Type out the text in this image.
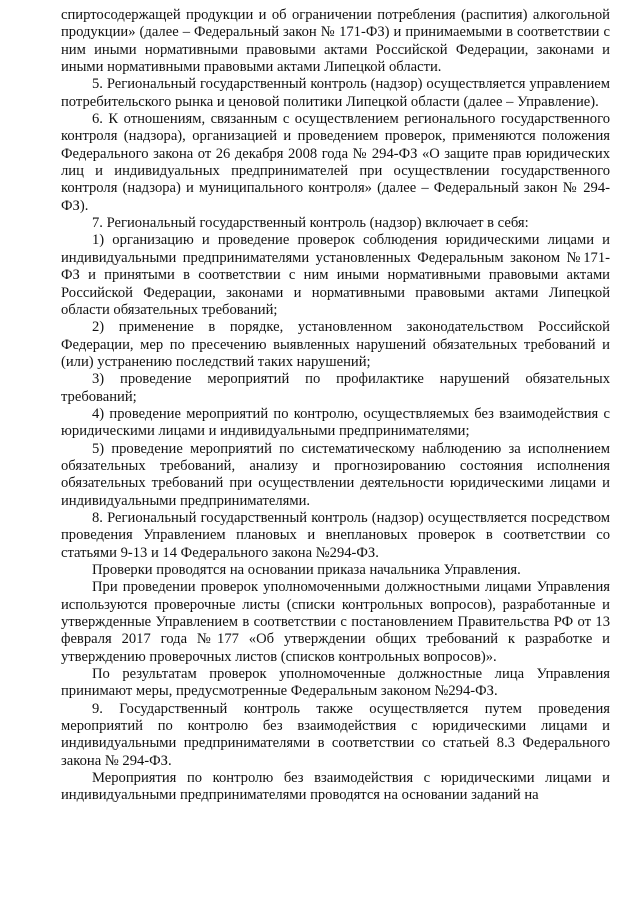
спиртосодержащей продукции и об ограничении потребления (распития) алкогольной продукции» (далее – Федеральный закон № 171-ФЗ) и принимаемыми в соответствии с ним иными нормативными правовыми актами Российской Федерации, законами и иными нормативными правовыми актами Липецкой области.

5. Региональный государственный контроль (надзор) осуществляется управлением потребительского рынка и ценовой политики Липецкой области (далее – Управление).

6. К отношениям, связанным с осуществлением регионального государственного контроля (надзора), организацией и проведением проверок, применяются положения Федерального закона от 26 декабря 2008 года № 294-ФЗ «О защите прав юридических лиц и индивидуальных предпринимателей при осуществлении государственного контроля (надзора) и муниципального контроля» (далее – Федеральный закон № 294-ФЗ).

7. Региональный государственный контроль (надзор) включает в себя:

1) организацию и проведение проверок соблюдения юридическими лицами и индивидуальными предпринимателями установленных Федеральным законом №171-ФЗ и принятыми в соответствии с ним иными нормативными правовыми актами Российской Федерации, законами и нормативными правовыми актами Липецкой области обязательных требований;

2) применение в порядке, установленном законодательством Российской Федерации, мер по пресечению выявленных нарушений обязательных требований и (или) устранению последствий таких нарушений;

3) проведение мероприятий по профилактике нарушений обязательных требований;

4) проведение мероприятий по контролю, осуществляемых без взаимодействия с юридическими лицами и индивидуальными предпринимателями;

5) проведение мероприятий по систематическому наблюдению за исполнением обязательных требований, анализу и прогнозированию состояния исполнения обязательных требований при осуществлении деятельности юридическими лицами и индивидуальными предпринимателями.

8. Региональный государственный контроль (надзор) осуществляется посредством проведения Управлением плановых и внеплановых проверок в соответствии со статьями 9-13 и 14 Федерального закона №294-ФЗ.

Проверки проводятся на основании приказа начальника Управления.

При проведении проверок уполномоченными должностными лицами Управления используются проверочные листы (списки контрольных вопросов), разработанные и утвержденные Управлением в соответствии с постановлением Правительства РФ от 13 февраля 2017 года №177 «Об утверждении общих требований к разработке и утверждению проверочных листов (списков контрольных вопросов)».

По результатам проверок уполномоченные должностные лица Управления принимают меры, предусмотренные Федеральным законом №294-ФЗ.

9. Государственный контроль также осуществляется путем проведения мероприятий по контролю без взаимодействия с юридическими лицами и индивидуальными предпринимателями в соответствии со статьей 8.3 Федерального закона № 294-ФЗ.

Мероприятия по контролю без взаимодействия с юридическими лицами и индивидуальными предпринимателями проводятся на основании заданий на
